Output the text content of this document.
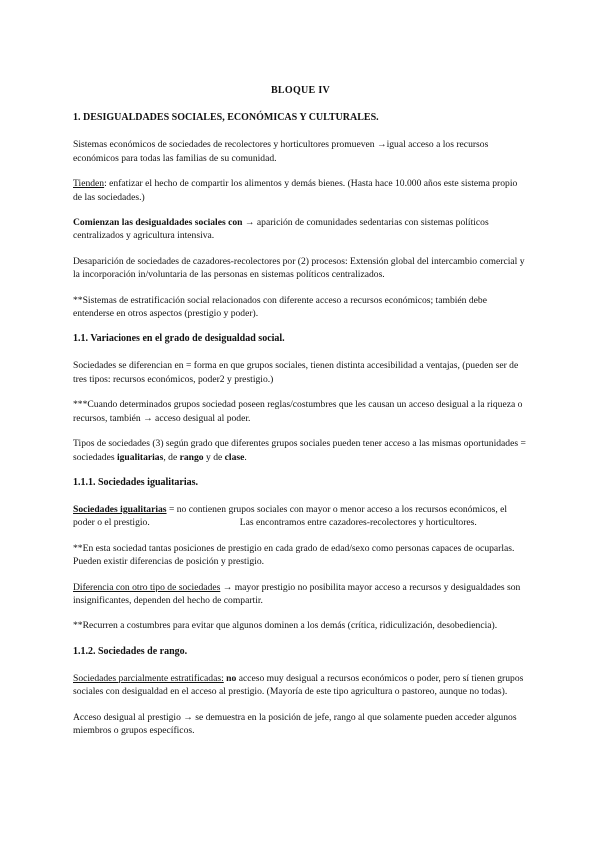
BLOQUE IV
1. DESIGUALDADES SOCIALES, ECONÓMICAS Y CULTURALES.

Sistemas económicos de sociedades de recolectores y horticultores promueven →igual acceso a los recursos económicos para todas las familias de su comunidad.

Tienden: enfatizar el hecho de compartir los alimentos y demás bienes. (Hasta hace 10.000 años este sistema propio de las sociedades.)

Comienzan las desigualdades sociales con → aparición de comunidades sedentarias con sistemas políticos centralizados y agricultura intensiva.

Desaparición de sociedades de cazadores-recolectores por (2) procesos: Extensión global del intercambio comercial y la incorporación in/voluntaria de las personas en sistemas políticos centralizados.

**Sistemas de estratificación social relacionados con diferente acceso a recursos económicos; también debe entenderse en otros aspectos (prestigio y poder).

1.1. Variaciones en el grado de desigualdad social.

Sociedades se diferencian en = forma en que grupos sociales, tienen distinta accesibilidad a ventajas, (pueden ser de tres tipos: recursos económicos, poder2 y prestigio.)

***Cuando determinados grupos sociedad poseen reglas/costumbres que les causan un acceso desigual a la riqueza o recursos, también → acceso desigual al poder.

Tipos de sociedades (3) según grado que diferentes grupos sociales pueden tener acceso a las mismas oportunidades = sociedades igualitarias, de rango y de clase.

1.1.1. Sociedades igualitarias.

Sociedades igualitarias = no contienen grupos sociales con mayor o menor acceso a los recursos económicos, el poder o el prestigio.	Las encontramos entre cazadores-recolectores y horticultores.

**En esta sociedad tantas posiciones de prestigio en cada grado de edad/sexo como personas capaces de ocuparlas. Pueden existir diferencias de posición y prestigio.

Diferencia con otro tipo de sociedades → mayor prestigio no posibilita mayor acceso a recursos y desigualdades son insignificantes, dependen del hecho de compartir.

**Recurren a costumbres para evitar que algunos dominen a los demás (crítica, ridiculización, desobediencia).

1.1.2. Sociedades de rango.

Sociedades parcialmente estratificadas: no acceso muy desigual a recursos económicos o poder, pero sí tienen grupos sociales con desigualdad en el acceso al prestigio. (Mayoría de este tipo agricultura o pastoreo, aunque no todas).

Acceso desigual al prestigio → se demuestra en la posición de jefe, rango al que solamente pueden acceder algunos miembros o grupos específicos.
